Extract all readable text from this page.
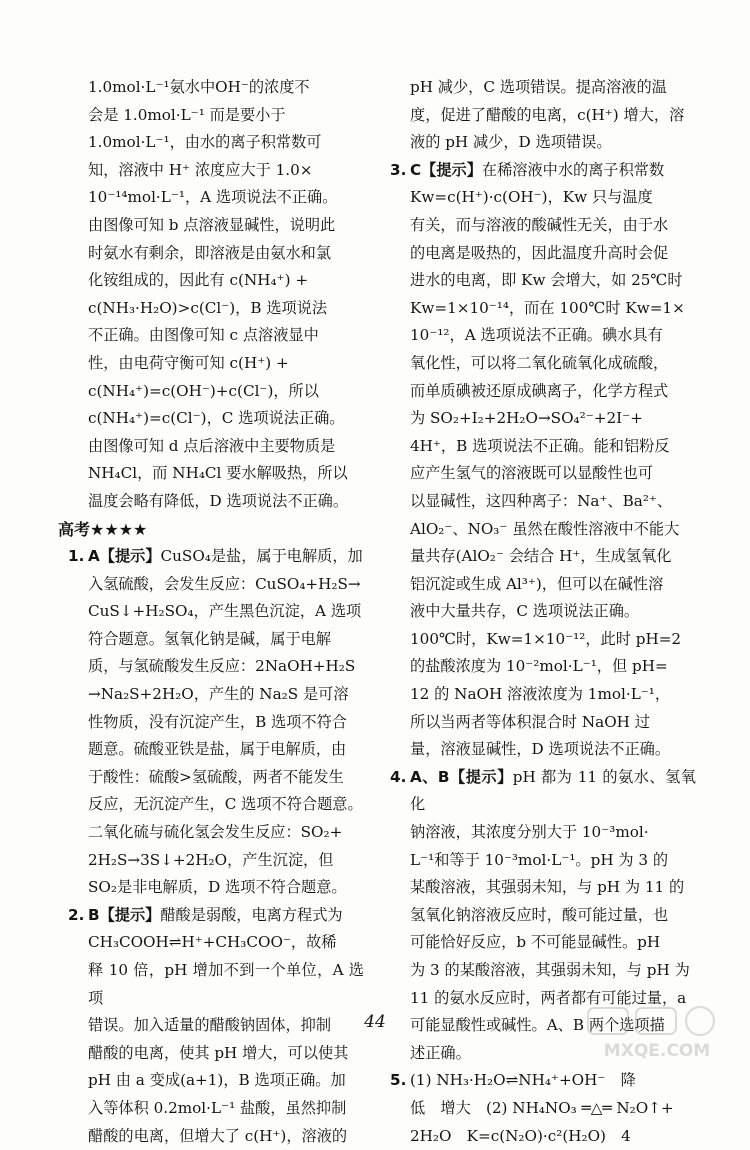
1.0mol·L⁻¹氨水中OH⁻的浓度不

会是 1.0mol·L⁻¹ 而是要小于

1.0mol·L⁻¹，由水的离子积常数可

知，溶液中 H⁺ 浓度应大于 1.0×

10⁻¹⁴mol·L⁻¹，A 选项说法不正确。

由图像可知 b 点溶液显碱性，说明此

时氨水有剩余，即溶液是由氨水和氯

化铵组成的，因此有 c(NH₄⁺) +

c(NH₃·H₂O)>c(Cl⁻)，B 选项说法

不正确。由图像可知 c 点溶液显中

性，由电荷守衡可知 c(H⁺) +

c(NH₄⁺)=c(OH⁻)+c(Cl⁻)，所以

c(NH₄⁺)=c(Cl⁻)，C 选项说法正确。

由图像可知 d 点后溶液中主要物质是

NH₄Cl，而 NH₄Cl 要水解吸热，所以

温度会略有降低，D 选项说法不正确。

高考★★★★

1. A【提示】CuSO₄是盐，属于电解质，加

入氢硫酸，会发生反应：CuSO₄+H₂S→

CuS↓+H₂SO₄，产生黑色沉淀，A 选项

符合题意。氢氧化钠是碱，属于电解

质，与氢硫酸发生反应：2NaOH+H₂S

→Na₂S+2H₂O，产生的 Na₂S 是可溶

性物质，没有沉淀产生，B 选项不符合

题意。硫酸亚铁是盐，属于电解质，由

于酸性：硫酸>氢硫酸，两者不能发生

反应，无沉淀产生，C 选项不符合题意。

二氧化硫与硫化氢会发生反应：SO₂+

2H₂S→3S↓+2H₂O，产生沉淀，但

SO₂是非电解质，D 选项不符合题意。

2. B【提示】醋酸是弱酸，电离方程式为

CH₃COOH⇌H⁺+CH₃COO⁻，故稀

释 10 倍，pH 增加不到一个单位，A 选项

错误。加入适量的醋酸钠固体，抑制

醋酸的电离，使其 pH 增大，可以使其

pH 由 a 变成(a+1)，B 选项正确。加

入等体积 0.2mol·L⁻¹ 盐酸，虽然抑制

醋酸的电离，但增大了 c(H⁺)，溶液的

pH 减少，C 选项错误。提高溶液的温

度，促进了醋酸的电离，c(H⁺) 增大，溶

液的 pH 减少，D 选项错误。

3. C【提示】在稀溶液中水的离子积常数

Kw=c(H⁺)·c(OH⁻)，Kw 只与温度

有关，而与溶液的酸碱性无关，由于水

的电离是吸热的，因此温度升高时会促

进水的电离，即 Kw 会增大，如 25℃时

Kw=1×10⁻¹⁴，而在 100℃时 Kw=1×

10⁻¹²，A 选项说法不正确。碘水具有

氧化性，可以将二氧化硫氧化成硫酸，

而单质碘被还原成碘离子，化学方程式

为 SO₂+I₂+2H₂O→SO₄²⁻+2I⁻+

4H⁺，B 选项说法不正确。能和铝粉反

应产生氢气的溶液既可以显酸性也可

以显碱性，这四种离子：Na⁺、Ba²⁺、

AlO₂⁻、NO₃⁻ 虽然在酸性溶液中不能大

量共存(AlO₂⁻ 会结合 H⁺，生成氢氧化

铝沉淀或生成 Al³⁺)，但可以在碱性溶

液中大量共存，C 选项说法正确。

100℃时，Kw=1×10⁻¹²，此时 pH=2

的盐酸浓度为 10⁻²mol·L⁻¹，但 pH=

12 的 NaOH 溶液浓度为 1mol·L⁻¹，

所以当两者等体积混合时 NaOH 过

量，溶液显碱性，D 选项说法不正确。

4. A、B【提示】pH 都为 11 的氨水、氢氧化

钠溶液，其浓度分别大于 10⁻³mol·

L⁻¹和等于 10⁻³mol·L⁻¹。pH 为 3 的

某酸溶液，其强弱未知，与 pH 为 11 的

氢氧化钠溶液反应时，酸可能过量，也

可能恰好反应，b 不可能显碱性。pH

为 3 的某酸溶液，其强弱未知，与 pH 为

11 的氨水反应时，两者都有可能过量，a

可能显酸性或碱性。A、B 两个选项描

述正确。

5. (1) NH₃·H₂O⇌NH₄⁺+OH⁻　降

低　增大　(2) NH₄NO₃ ═△═ N₂O↑+

2H₂O　K=c(N₂O)·c²(H₂O)　4

44
MXQE.COM
